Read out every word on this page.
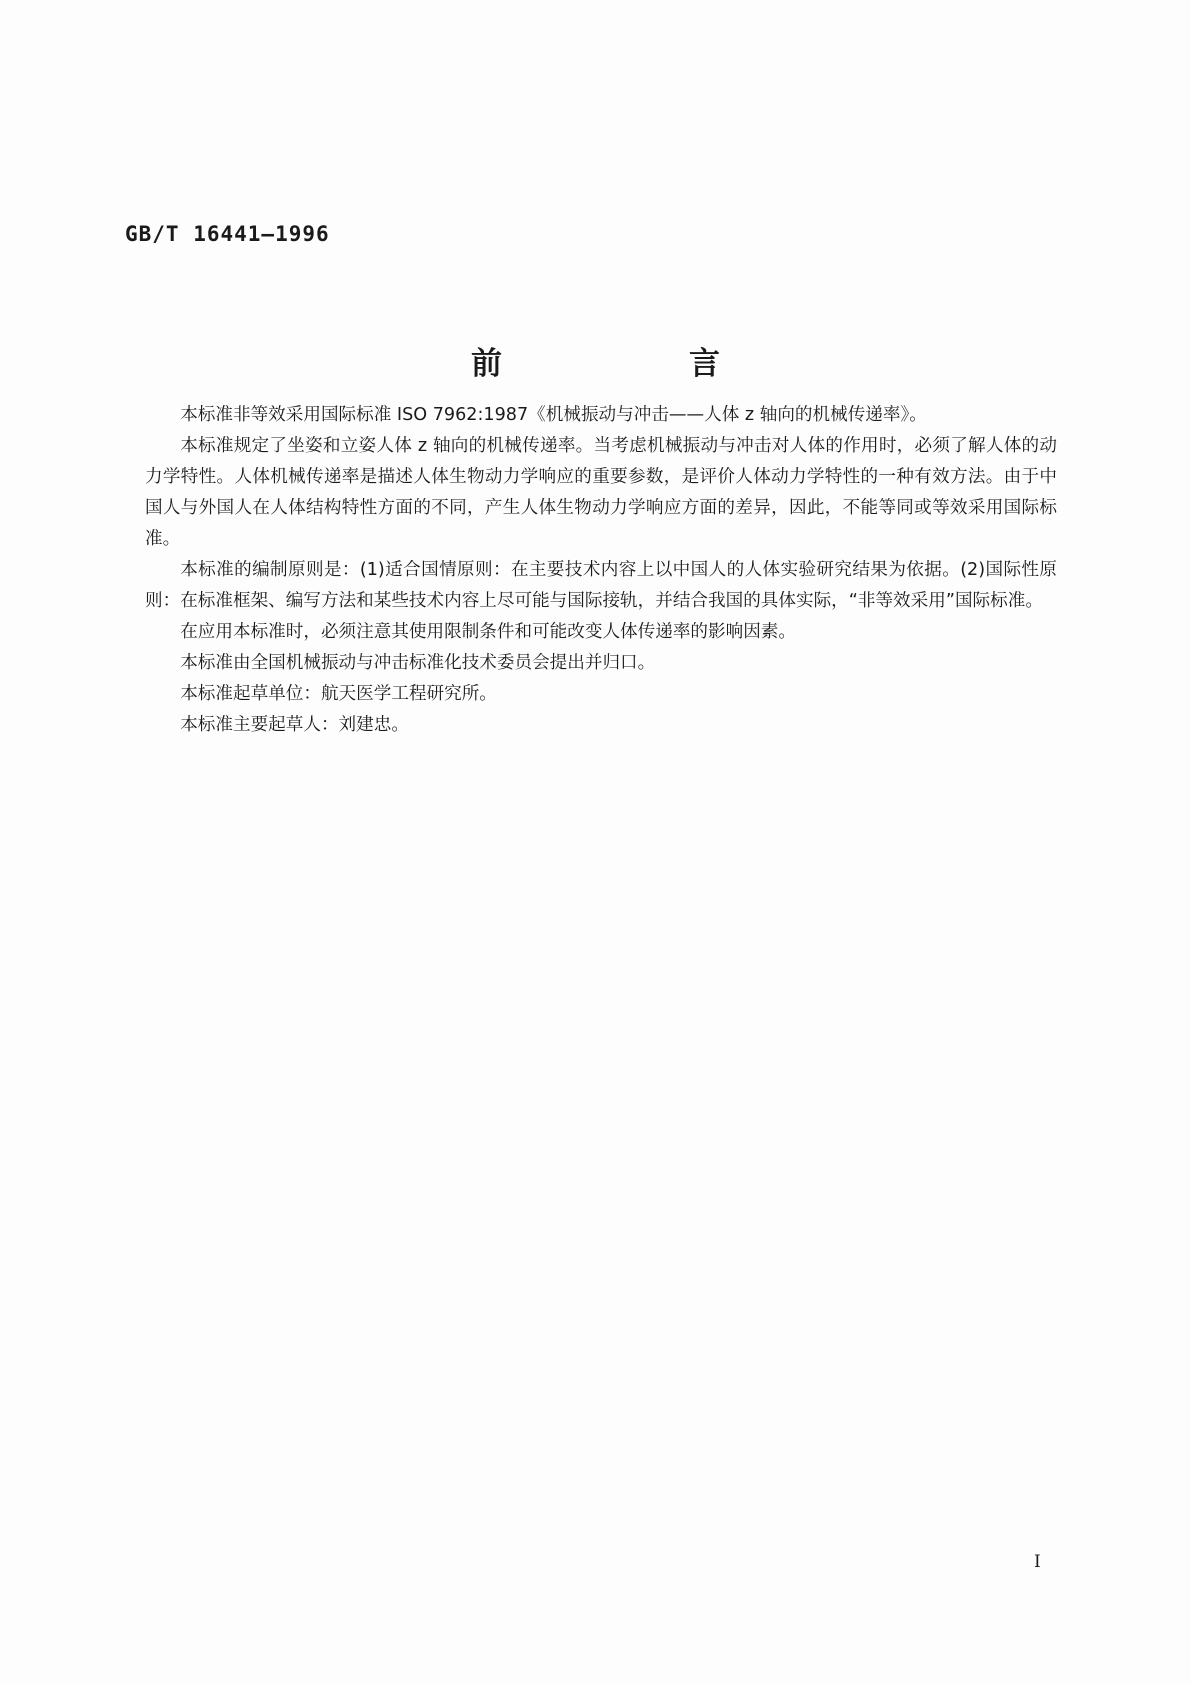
GB/T 16441—1996
前　言

本标准非等效采用国际标准 ISO 7962:1987《机械振动与冲击——人体 z 轴向的机械传递率》。

本标准规定了坐姿和立姿人体 z 轴向的机械传递率。当考虑机械振动与冲击对人体的作用时，必须了解人体的动力学特性。人体机械传递率是描述人体生物动力学响应的重要参数，是评价人体动力学特性的一种有效方法。由于中国人与外国人在人体结构特性方面的不同，产生人体生物动力学响应方面的差异，因此，不能等同或等效采用国际标准。

本标准的编制原则是：(1)适合国情原则：在主要技术内容上以中国人的人体实验研究结果为依据。(2)国际性原则：在标准框架、编写方法和某些技术内容上尽可能与国际接轨，并结合我国的具体实际，“非等效采用”国际标准。

在应用本标准时，必须注意其使用限制条件和可能改变人体传递率的影响因素。

本标准由全国机械振动与冲击标准化技术委员会提出并归口。

本标准起草单位：航天医学工程研究所。

本标准主要起草人：刘建忠。

I
